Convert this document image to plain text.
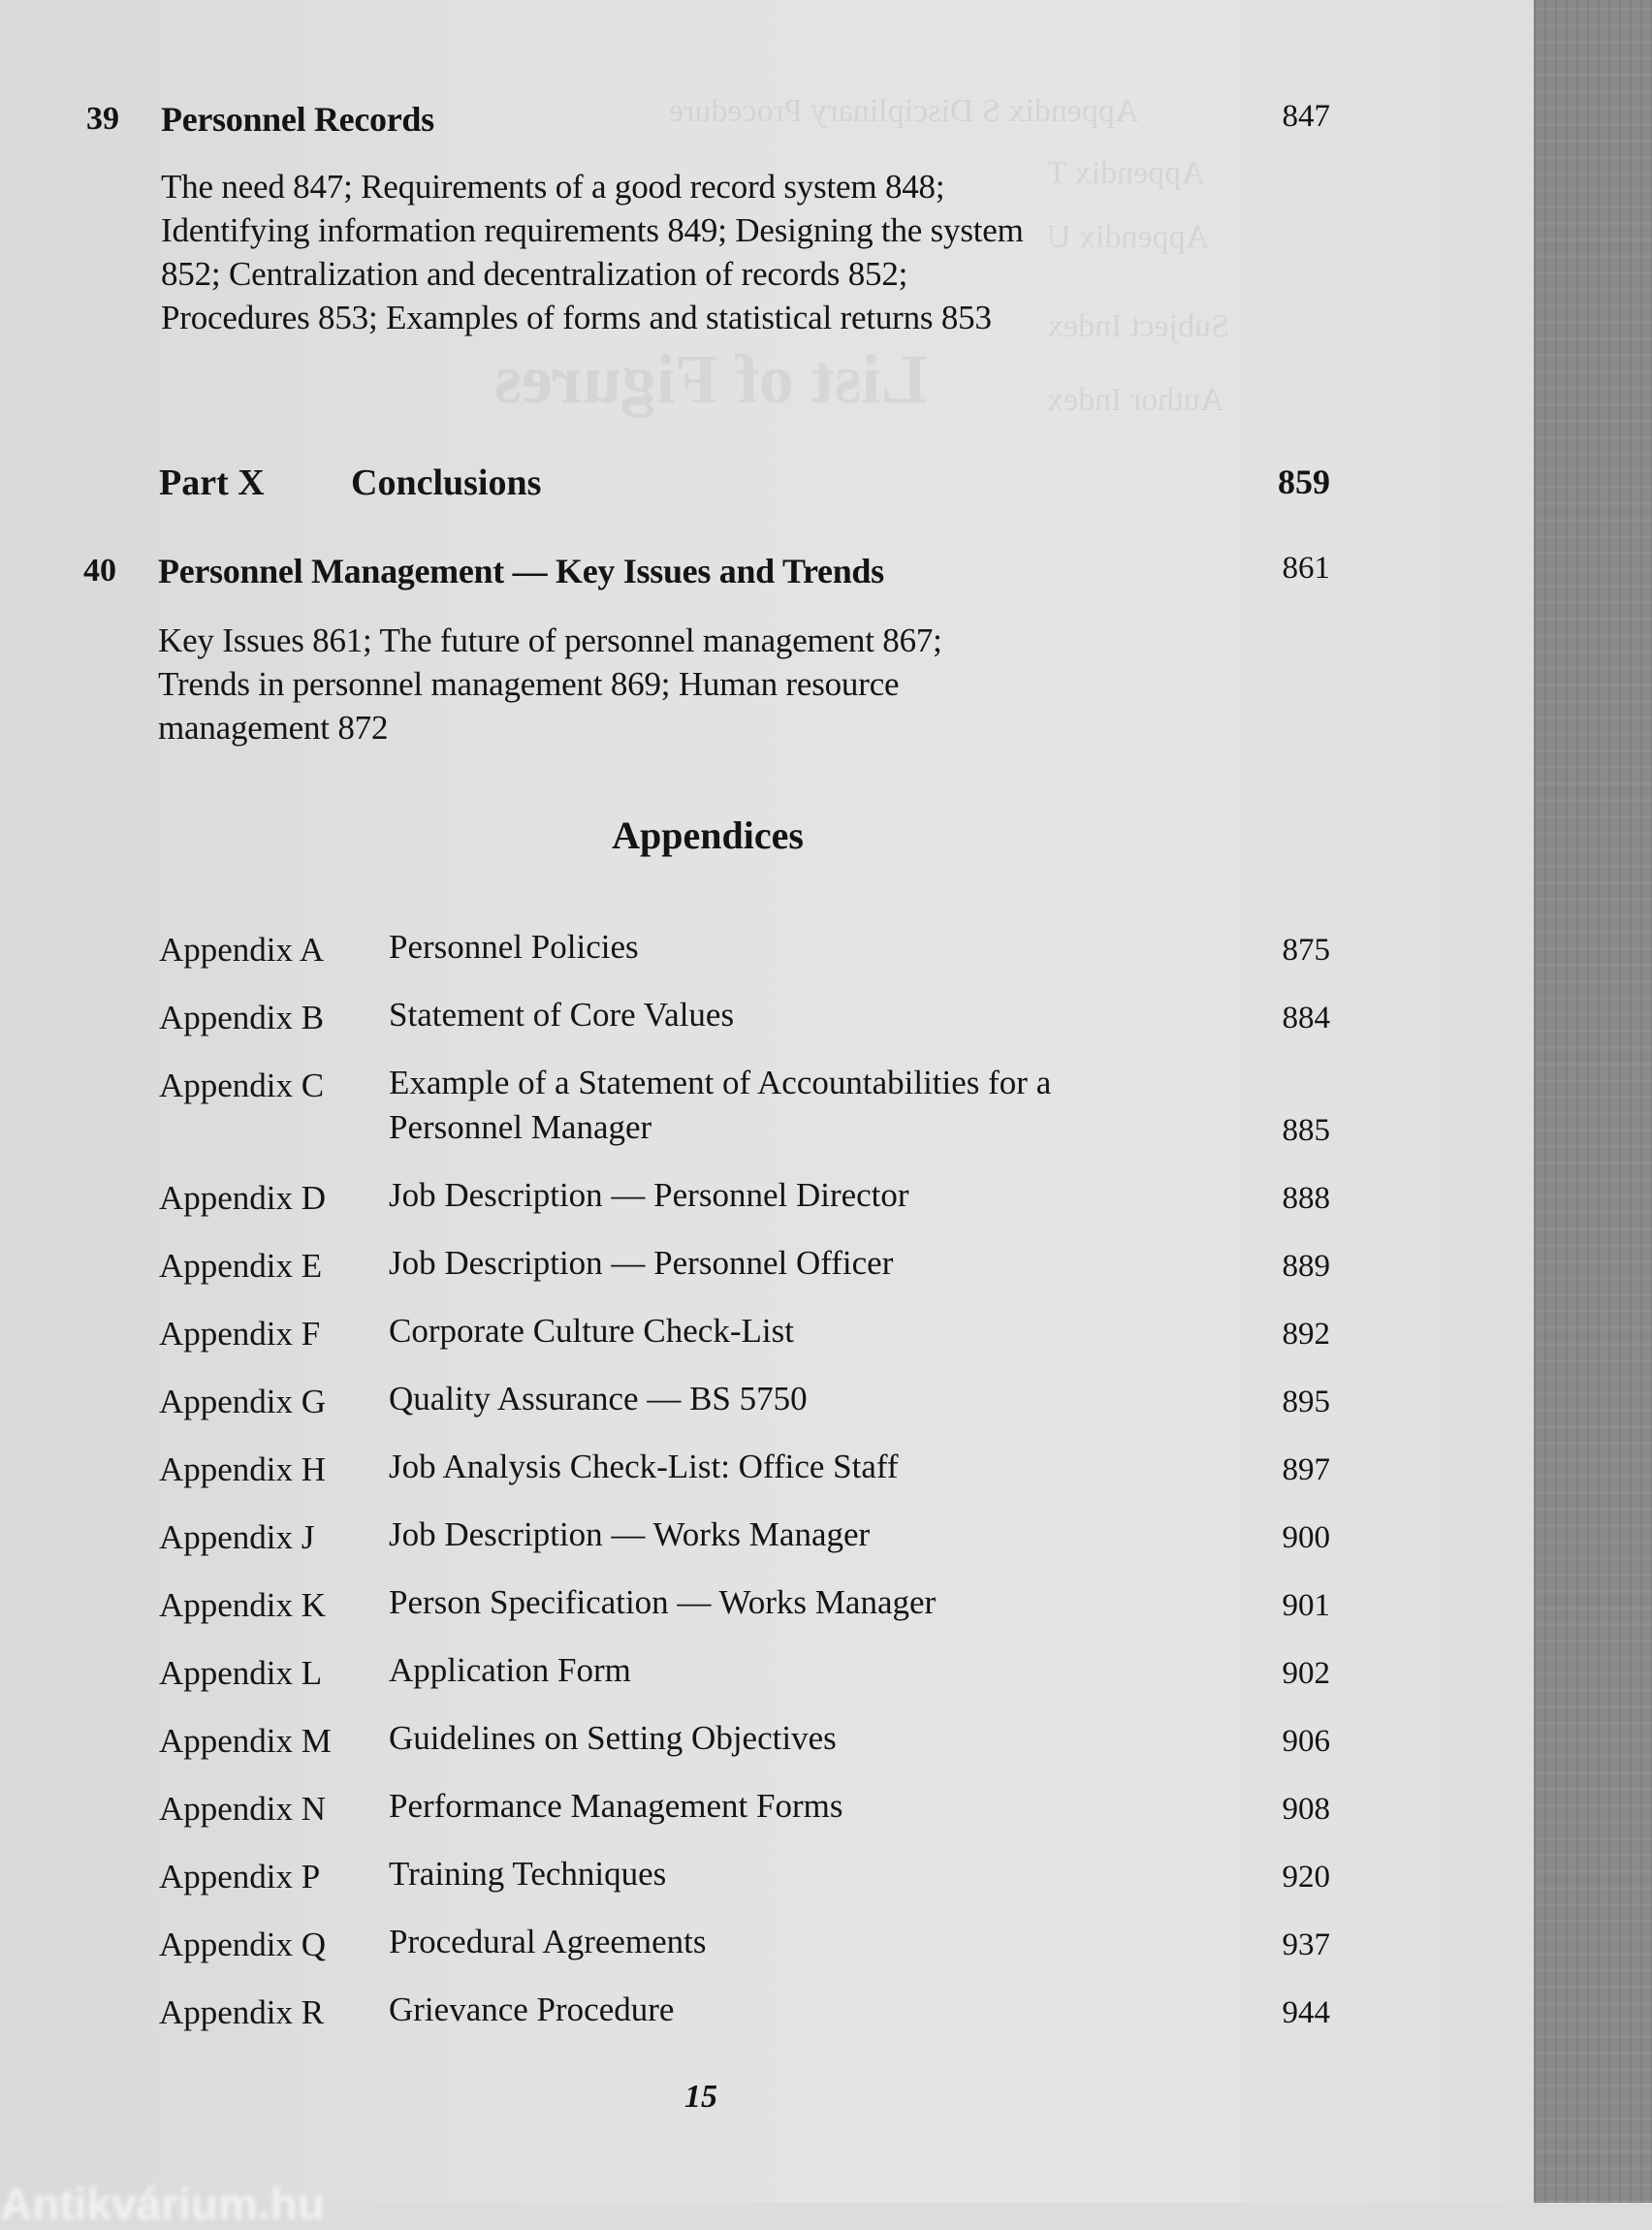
Appendix S Disciplinary Procedure
Appendix T
Appendix U
Subject Index
Author Index
List of Figures
39 Personnel Records	847
The need 847; Requirements of a good record system 848;
Identifying information requirements 849; Designing the system
852; Centralization and decentralization of records 852;
Procedures 853; Examples of forms and statistical returns 853
Part X Conclusions	859
40 Personnel Management — Key Issues and Trends	861
Key Issues 861; The future of personnel management 867;
Trends in personnel management 869; Human resource
management 872
Appendices
Appendix A Personnel Policies	875
Appendix B Statement of Core Values	884
Appendix C Example of a Statement of Accountabilities for a
Personnel Manager	885
Appendix D Job Description — Personnel Director	888
Appendix E Job Description — Personnel Officer	889
Appendix F Corporate Culture Check-List	892
Appendix G Quality Assurance — BS 5750	895
Appendix H Job Analysis Check-List: Office Staff	897
Appendix J Job Description — Works Manager	900
Appendix K Person Specification — Works Manager	901
Appendix L Application Form	902
Appendix M Guidelines on Setting Objectives	906
Appendix N Performance Management Forms	908
Appendix P Training Techniques	920
Appendix Q Procedural Agreements	937
Appendix R Grievance Procedure	944
15
Antikvárium.hu
